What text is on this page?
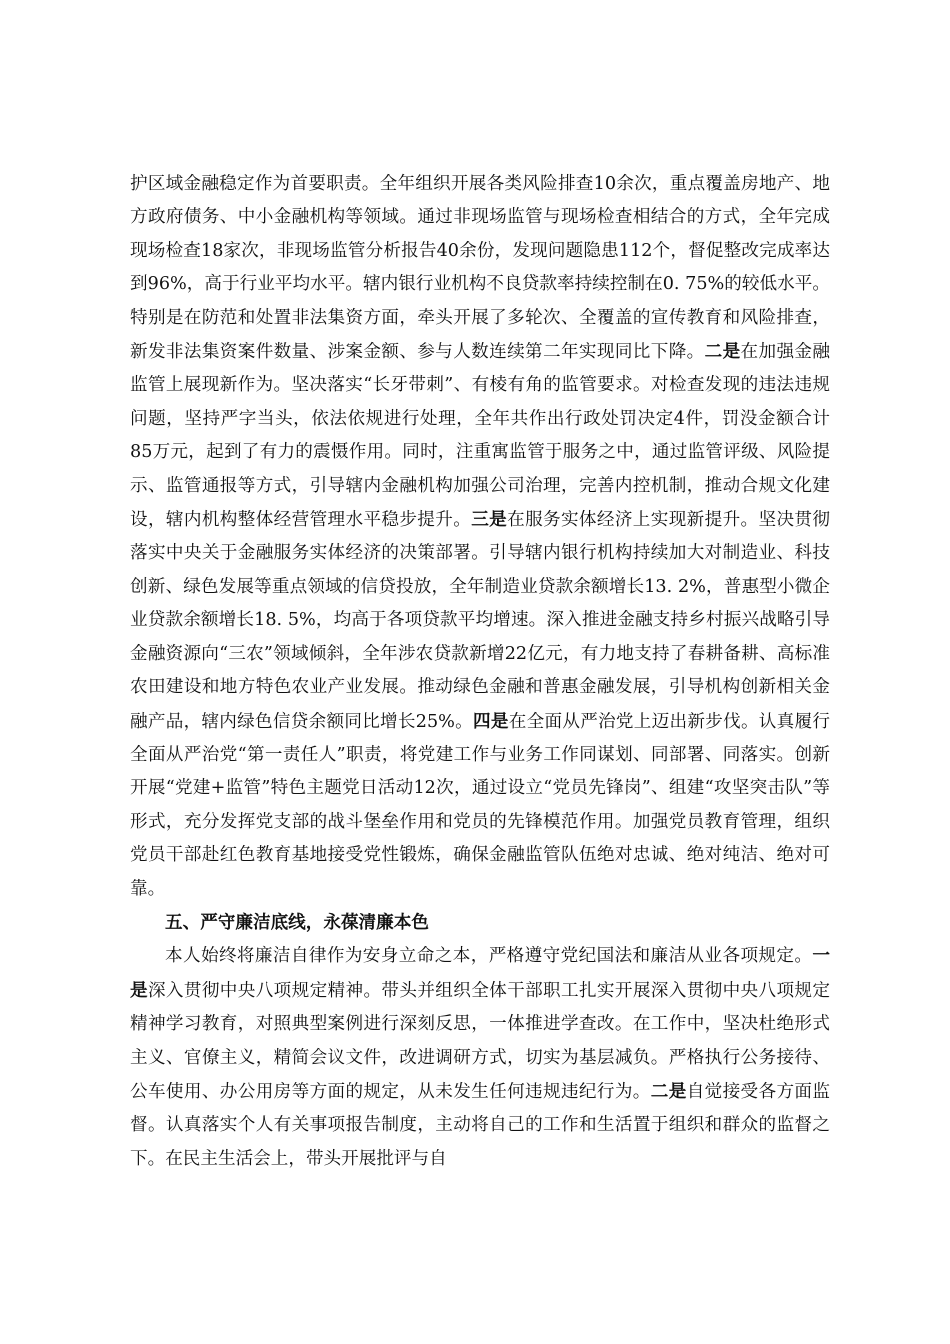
护区域金融稳定作为首要职责。全年组织开展各类风险排查10余次，重点覆盖房地产、地方政府债务、中小金融机构等领域。通过非现场监管与现场检查相结合的方式，全年完成现场检查18家次，非现场监管分析报告40余份，发现问题隐患112个，督促整改完成率达到96%，高于行业平均水平。辖内银行业机构不良贷款率持续控制在0. 75%的较低水平。特别是在防范和处置非法集资方面，牵头开展了多轮次、全覆盖的宣传教育和风险排查，新发非法集资案件数量、涉案金额、参与人数连续第二年实现同比下降。二是在加强金融监管上展现新作为。坚决落实“长牙带刺”、有棱有角的监管要求。对检查发现的违法违规问题，坚持严字当头，依法依规进行处理，全年共作出行政处罚决定4件，罚没金额合计85万元，起到了有力的震慑作用。同时，注重寓监管于服务之中，通过监管评级、风险提示、监管通报等方式，引导辖内金融机构加强公司治理，完善内控机制，推动合规文化建设，辖内机构整体经营管理水平稳步提升。三是在服务实体经济上实现新提升。坚决贯彻落实中央关于金融服务实体经济的决策部署。引导辖内银行机构持续加大对制造业、科技创新、绿色发展等重点领域的信贷投放，全年制造业贷款余额增长13. 2%，普惠型小微企业贷款余额增长18. 5%，均高于各项贷款平均增速。深入推进金融支持乡村振兴战略引导金融资源向“三农”领域倾斜，全年涉农贷款新增22亿元，有力地支持了春耕备耕、高标准农田建设和地方特色农业产业发展。推动绿色金融和普惠金融发展，引导机构创新相关金融产品，辖内绿色信贷余额同比增长25%。四是在全面从严治党上迈出新步伐。认真履行全面从严治党“第一责任人”职责，将党建工作与业务工作同谋划、同部署、同落实。创新开展“党建+监管”特色主题党日活动12次，通过设立“党员先锋岗”、组建“攻坚突击队”等形式，充分发挥党支部的战斗堡垒作用和党员的先锋模范作用。加强党员教育管理，组织党员干部赴红色教育基地接受党性锻炼，确保金融监管队伍绝对忠诚、绝对纯洁、绝对可靠。

五、严守廉洁底线，永葆清廉本色

本人始终将廉洁自律作为安身立命之本，严格遵守党纪国法和廉洁从业各项规定。一是深入贯彻中央八项规定精神。带头并组织全体干部职工扎实开展深入贯彻中央八项规定精神学习教育，对照典型案例进行深刻反思，一体推进学查改。在工作中，坚决杜绝形式主义、官僚主义，精简会议文件，改进调研方式，切实为基层减负。严格执行公务接待、公车使用、办公用房等方面的规定，从未发生任何违规违纪行为。二是自觉接受各方面监督。认真落实个人有关事项报告制度，主动将自己的工作和生活置于组织和群众的监督之下。在民主生活会上，带头开展批评与自
